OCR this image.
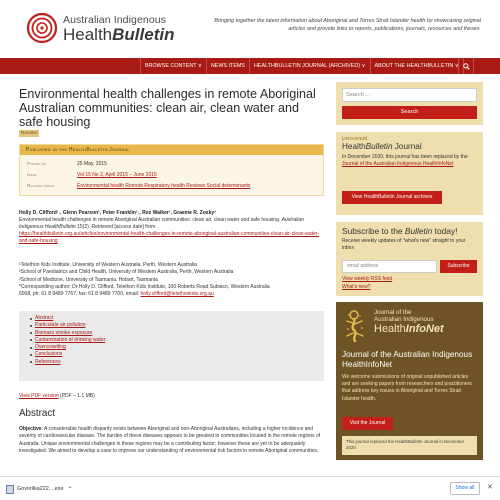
Australian Indigenous
HealthBulletin
Bringing together the latest information about Aboriginal and Torres Strait Islander health by showcasing original articles and provide links to reports, publications, journals, resources and theses.
BROWSE CONTENT ∨	NEWS ITEMS	HEALTHBULLETIN JOURNAL (ARCHIVED) ∨	ABOUT THE HEALTHBULLETIN ∨
Environmental health challenges in remote Aboriginal Australian communities: clean air, clean water and safe housing
Review
Published in the HealthBulletin Journal
Posted on	25 May, 2015
Issue	Vol 15 No 2, April 2015 – June 2015
Related topics	Environmental health Remote Respiratory health Reviews Social determinants
Holly D. Clifford¹˒, Glenn Pearson¹, Peter Franklin¹˒, Roz Walker¹, Graeme R. Zosky³
Environmental health challenges in remote Aboriginal Australian communities: clean air, clean water and safe housing. Australian Indigenous HealthBulletin 15(2). Retrieved [access date] from
https://healthbulletin.org.au/articles/environmental-health-challenges-in-remote-aboriginal-australian-communities-clean-air-clean-water-and-safe-housing
¹Telethon Kids Institute, University of Western Australia, Perth, Western Australia
²School of Paediatrics and Child Health, University of Western Australia, Perth, Western Australia
³School of Medicine, University of Tasmania, Hobart, Tasmania
*Corresponding author: Dr Holly D. Clifford, Telethon Kids Institute, 100 Roberts Road Subiaco, Western Australia
6008, ph: 61 8 9489 7767, fax: 61 8 9489 7700, email: holly.clifford@telethonkids.org.au
Abstract
Particulate air pollution
Biomass smoke exposure
Contamination of drinking water
Overcrowding
Conclusions
References
View PDF version (PDF – 1.1 MB)
Abstract
Objective: A considerable health disparity exists between Aboriginal and non-Aboriginal Australians, including a higher incidence and severity of cardiovascular disease. The burden of these diseases appears to be greatest in communities located in the remote regions of Australia. Unique environmental challenges in these regions may be a contributing factor; however these are yet to be adequately investigated. We aimed to develop a case to improve our understanding of environmental risk factors in remote Aboriginal communities.
Search ...
Search
[ARCHIVED]
HealthBulletin Journal
In December 2020, this journal has been replaced by the Journal of the Australian Indigenous HealthInfoNet
View HealthBulletin Journal archives
Subscribe to the Bulletin today!
Receive weekly updates of "what's new" straight to your inbox
email address	Subscribe
View weekly RSS feed
What's new?
Journal of the
Australian Indigenous
HealthInfoNet
Journal of the Australian Indigenous HealthInfoNet
We welcome submissions of original unpublished articles and are seeking papers from researchers and practitioners that address key issues in Aboriginal and Torres Strait Islander health.
Visit the Journal
This journal replaced the HealthBulletin Journal in December 2020
Govorilka222....exe ⌃	Show all	✕
